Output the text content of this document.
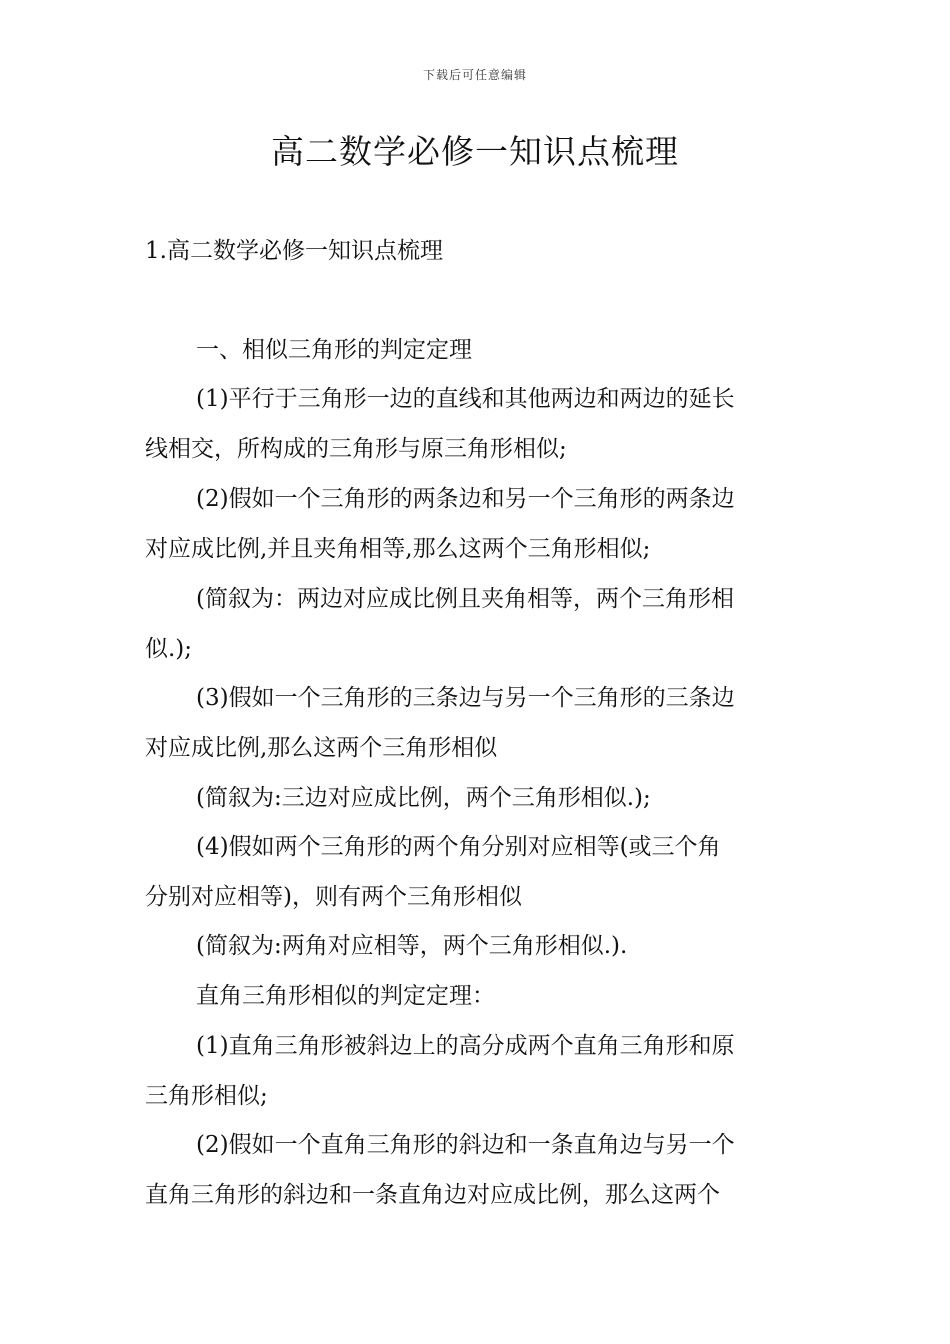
下载后可任意编辑
高二数学必修一知识点梳理
1.高二数学必修一知识点梳理

一、相似三角形的判定定理

(1)平行于三角形一边的直线和其他两边和两边的延长

线相交，所构成的三角形与原三角形相似;

(2)假如一个三角形的两条边和另一个三角形的两条边

对应成比例,并且夹角相等,那么这两个三角形相似;

(简叙为：两边对应成比例且夹角相等，两个三角形相

似.);

(3)假如一个三角形的三条边与另一个三角形的三条边

对应成比例,那么这两个三角形相似

(简叙为:三边对应成比例，两个三角形相似.);

(4)假如两个三角形的两个角分别对应相等(或三个角

分别对应相等)，则有两个三角形相似

(简叙为:两角对应相等，两个三角形相似.).

直角三角形相似的判定定理：

(1)直角三角形被斜边上的高分成两个直角三角形和原

三角形相似;

(2)假如一个直角三角形的斜边和一条直角边与另一个

直角三角形的斜边和一条直角边对应成比例，那么这两个
